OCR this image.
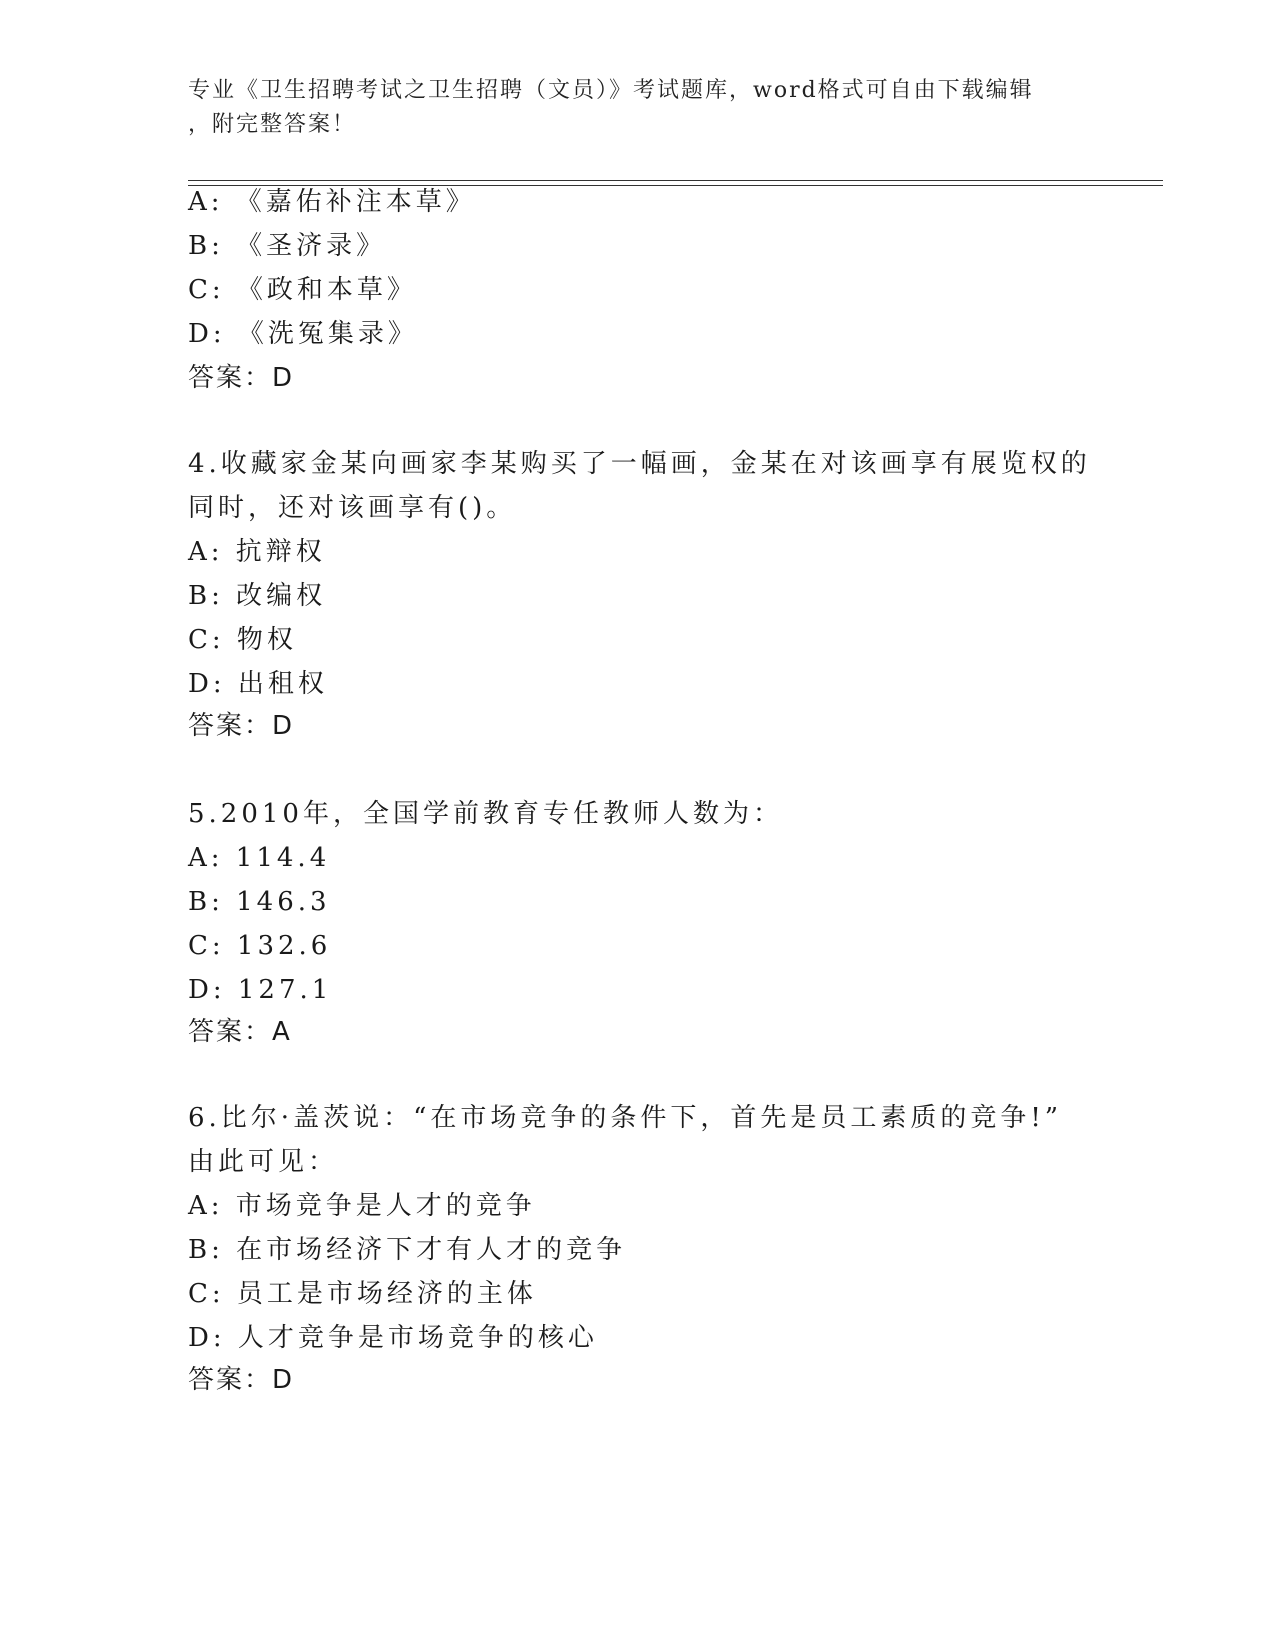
专业《卫生招聘考试之卫生招聘（文员）》考试题库，word格式可自由下载编辑
，附完整答案！
A: 《嘉佑补注本草》
B: 《圣济录》
C: 《政和本草》
D: 《洗冤集录》
答案：D
4.收藏家金某向画家李某购买了一幅画，金某在对该画享有展览权的
同时，还对该画享有()。
A: 抗辩权
B: 改编权
C: 物权
D: 出租权
答案：D
5.2010年，全国学前教育专任教师人数为：
A: 114.4
B: 146.3
C: 132.6
D: 127.1
答案：A
6.比尔·盖茨说：“在市场竞争的条件下，首先是员工素质的竞争!”
由此可见：
A: 市场竞争是人才的竞争
B: 在市场经济下才有人才的竞争
C: 员工是市场经济的主体
D: 人才竞争是市场竞争的核心
答案：D
